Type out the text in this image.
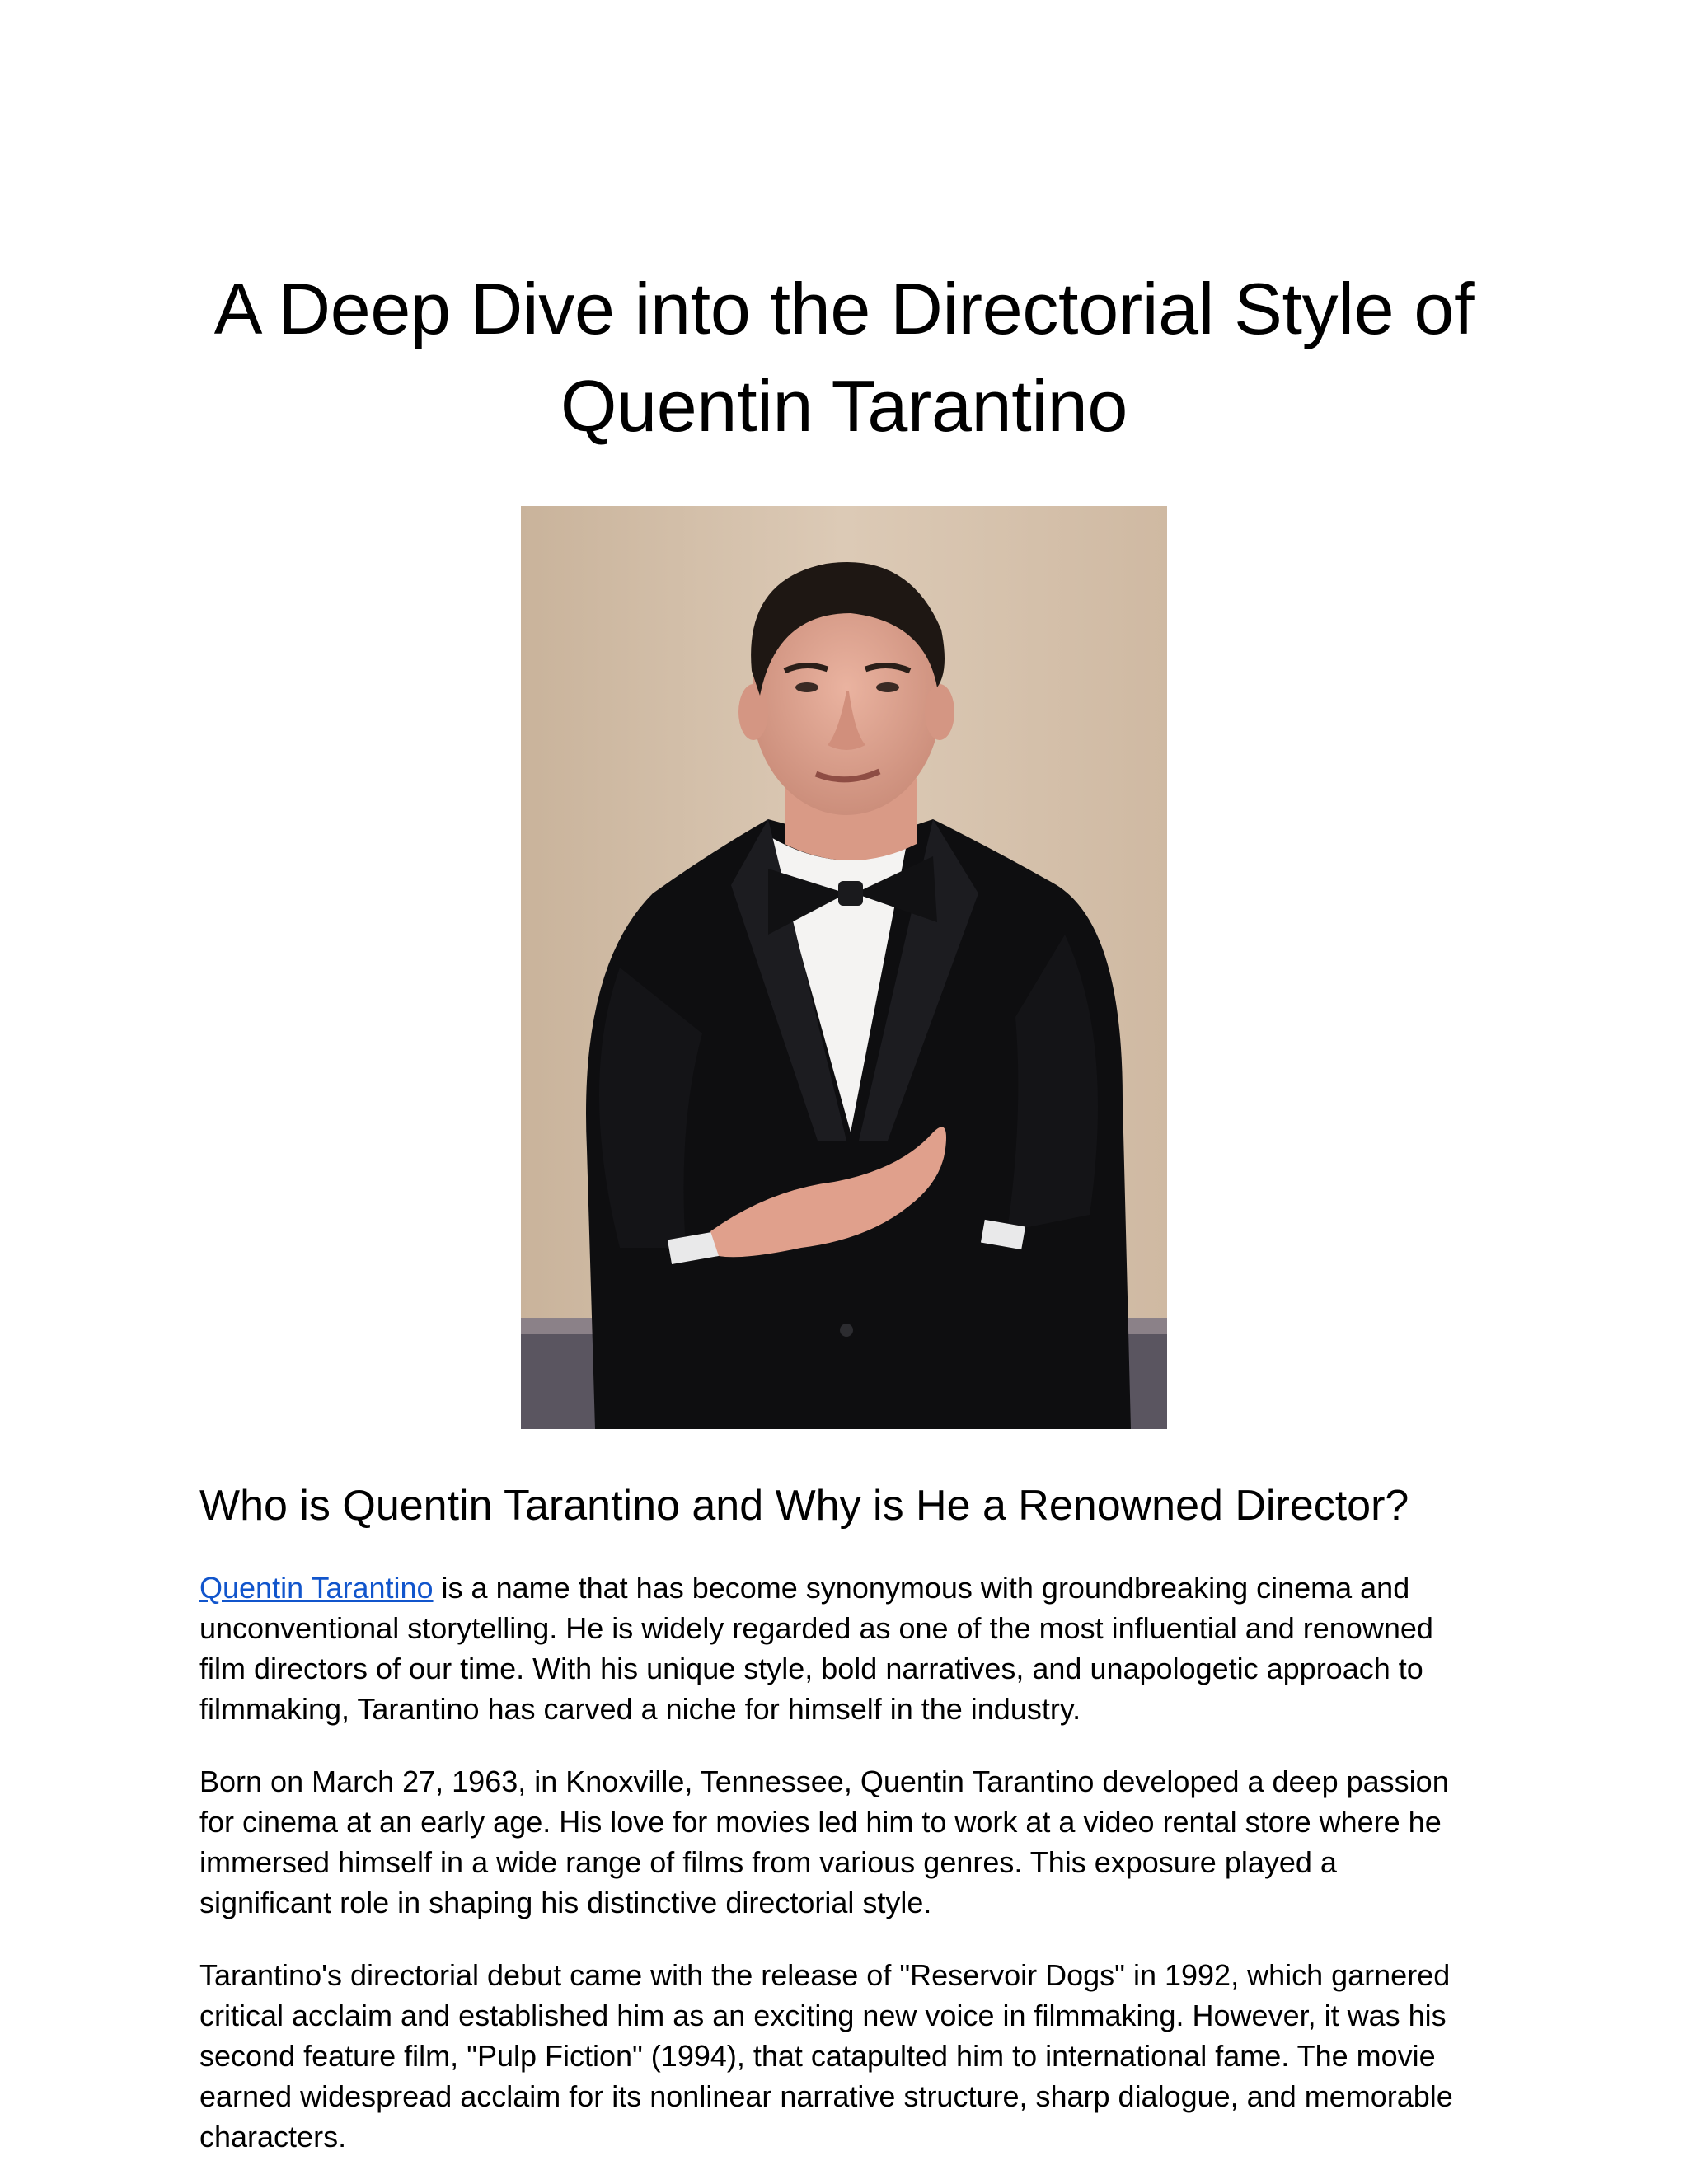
A Deep Dive into the Directorial Style of
Quentin Tarantino
Who is Quentin Tarantino and Why is He a Renowned Director?

Quentin Tarantino is a name that has become synonymous with groundbreaking cinema and
unconventional storytelling. He is widely regarded as one of the most influential and renowned
film directors of our time. With his unique style, bold narratives, and unapologetic approach to
filmmaking, Tarantino has carved a niche for himself in the industry.

Born on March 27, 1963, in Knoxville, Tennessee, Quentin Tarantino developed a deep passion
for cinema at an early age. His love for movies led him to work at a video rental store where he
immersed himself in a wide range of films from various genres. This exposure played a
significant role in shaping his distinctive directorial style.

Tarantino's directorial debut came with the release of "Reservoir Dogs" in 1992, which garnered
critical acclaim and established him as an exciting new voice in filmmaking. However, it was his
second feature film, "Pulp Fiction" (1994), that catapulted him to international fame. The movie
earned widespread acclaim for its nonlinear narrative structure, sharp dialogue, and memorable
characters.
